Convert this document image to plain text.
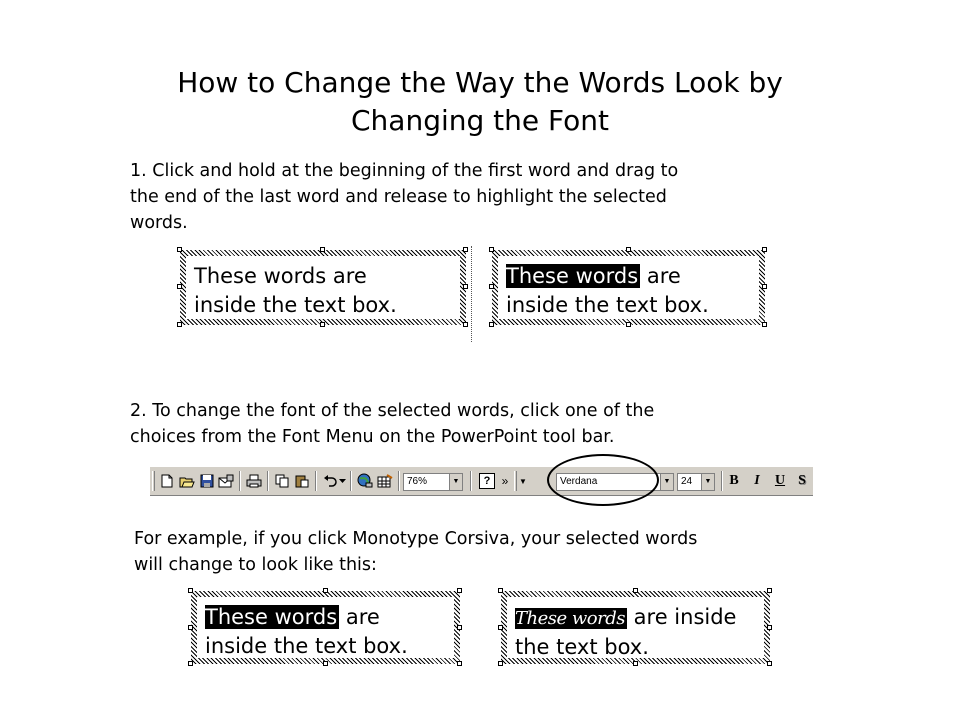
How to Change the Way the Words Look by
Changing the Font

1. Click and hold at the beginning of the first word and drag to
the end of the last word and release to highlight the selected
words.

These words are
inside the text box.
These words are
inside the text box.

2. To change the font of the selected words, click one of the
choices from the Font Menu on the PowerPoint tool bar.

76%	▼ ? » ▼	Verdana	▼	24	▼ B I U S

For example, if you click Monotype Corsiva, your selected words
will change to look like this:

These words are
inside the text box.
These words are inside
the text box.
